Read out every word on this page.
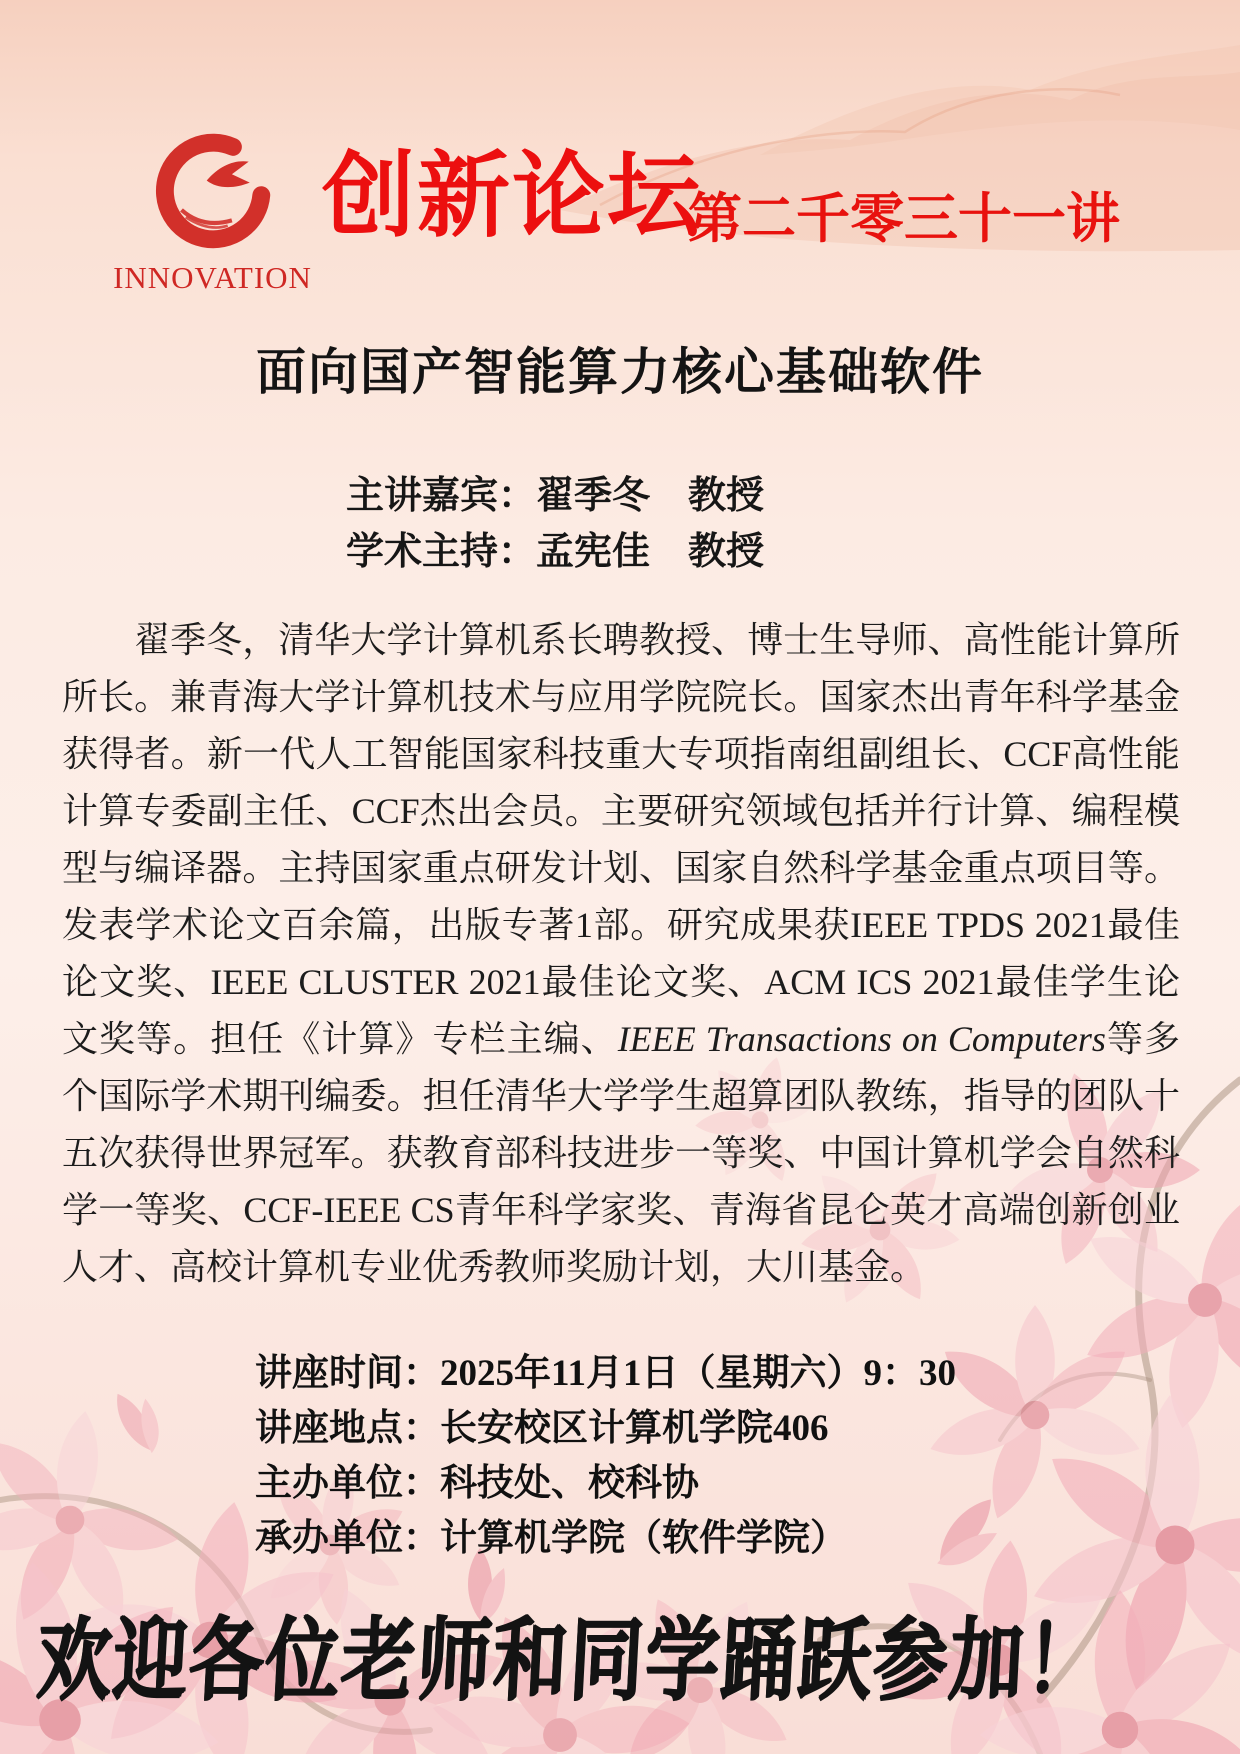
INNOVATION
创新论坛
第二千零三十一讲
面向国产智能算力核心基础软件
主讲嘉宾：翟季冬 教授
学术主持：孟宪佳 教授

翟季冬，清华大学计算机系长聘教授、博士生导师、高性能计算所所长。兼青海大学计算机技术与应用学院院长。国家杰出青年科学基金获得者。新一代人工智能国家科技重大专项指南组副组长、CCF高性能计算专委副主任、CCF杰出会员。主要研究领域包括并行计算、编程模型与编译器。主持国家重点研发计划、国家自然科学基金重点项目等。发表学术论文百余篇，出版专著1部。研究成果获IEEE TPDS 2021最佳论文奖、IEEE CLUSTER 2021最佳论文奖、ACM ICS 2021最佳学生论文奖等。担任《计算》专栏主编、IEEE Transactions on Computers等多个国际学术期刊编委。担任清华大学学生超算团队教练，指导的团队十五次获得世界冠军。获教育部科技进步一等奖、中国计算机学会自然科学一等奖、CCF-IEEE CS青年科学家奖、青海省昆仑英才高端创新创业人才、高校计算机专业优秀教师奖励计划，大川基金。

讲座时间：2025年11月1日（星期六）9：30
讲座地点：长安校区计算机学院406
主办单位：科技处、校科协
承办单位：计算机学院（软件学院）
欢迎各位老师和同学踊跃参加！
